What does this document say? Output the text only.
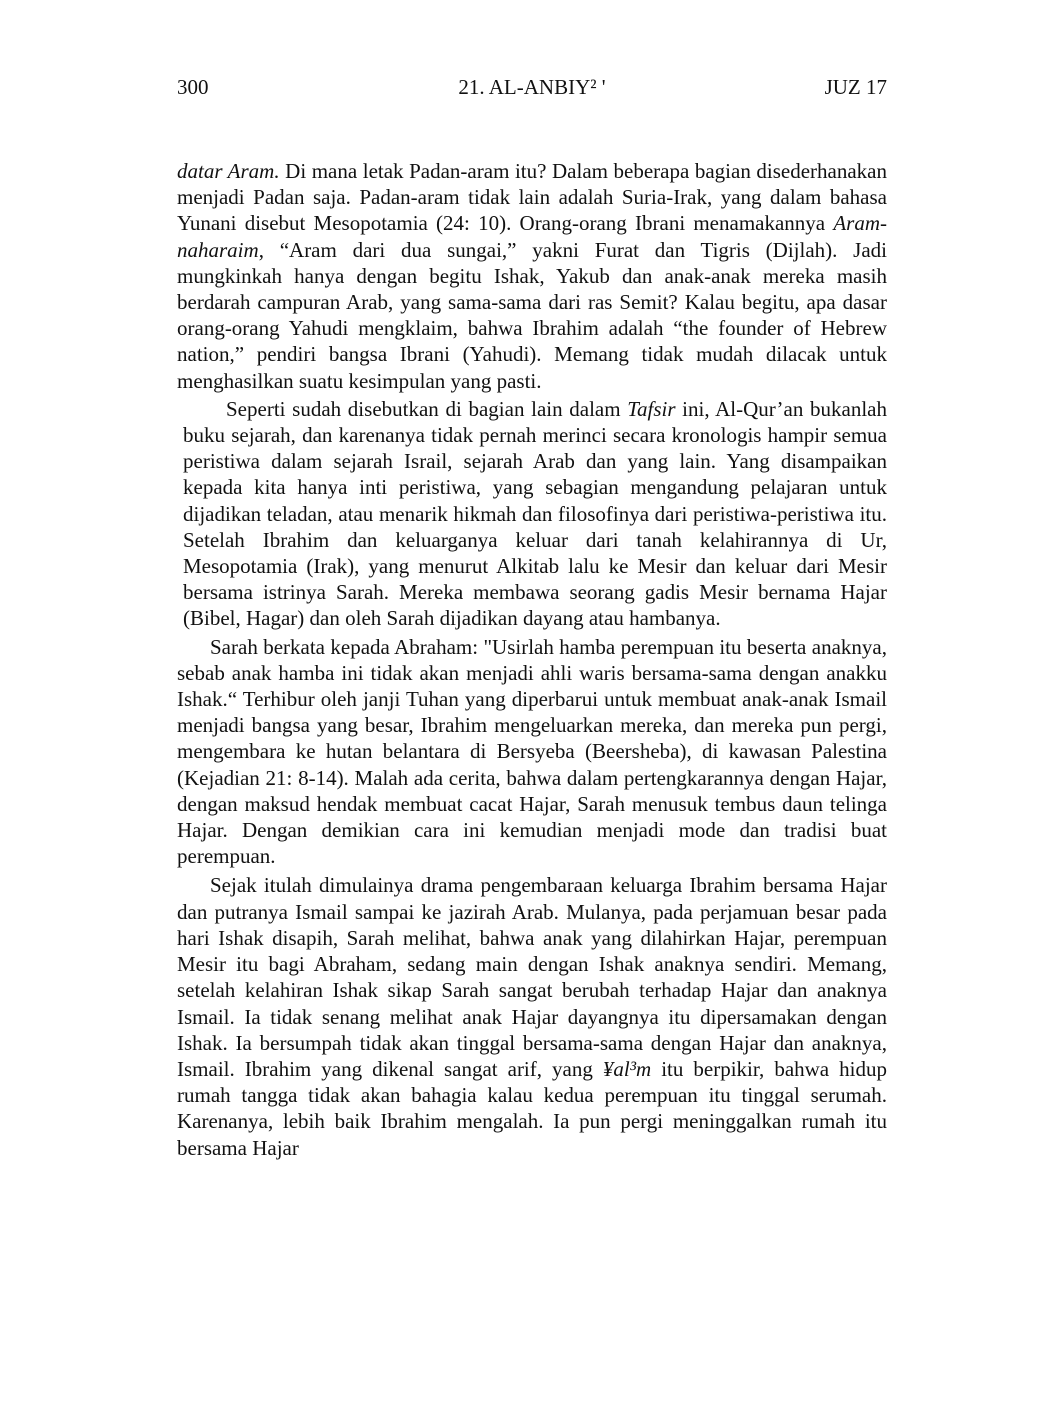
300	21. AL-ANBIY² '	JUZ 17

datar Aram. Di mana letak Padan-aram itu? Dalam beberapa bagian disederhanakan menjadi Padan saja. Padan-aram tidak lain adalah Suria-Irak, yang dalam bahasa Yunani disebut Mesopotamia (24: 10). Orang-orang Ibrani menamakannya Aram-naharaim, “Aram dari dua sungai,” yakni Furat dan Tigris (Dijlah). Jadi mungkinkah hanya dengan begitu Ishak, Yakub dan anak-anak mereka masih berdarah campuran Arab, yang sama-sama dari ras Semit? Kalau begitu, apa dasar orang-orang Yahudi mengklaim, bahwa Ibrahim adalah “the founder of Hebrew nation,” pendiri bangsa Ibrani (Yahudi). Memang tidak mudah dilacak untuk menghasilkan suatu kesimpulan yang pasti.

Seperti sudah disebutkan di bagian lain dalam Tafsir ini, Al-Qur’an bukanlah buku sejarah, dan karenanya tidak pernah merinci secara kronologis hampir semua peristiwa dalam sejarah Israil, sejarah Arab dan yang lain. Yang disampaikan kepada kita hanya inti peristiwa, yang sebagian mengandung pelajaran untuk dijadikan teladan, atau menarik hikmah dan filosofinya dari peristiwa-peristiwa itu. Setelah Ibrahim dan keluarganya keluar dari tanah kelahirannya di Ur, Mesopotamia (Irak), yang menurut Alkitab lalu ke Mesir dan keluar dari Mesir bersama istrinya Sarah. Mereka membawa seorang gadis Mesir bernama Hajar (Bibel, Hagar) dan oleh Sarah dijadikan dayang atau hambanya.

Sarah berkata kepada Abraham: "Usirlah hamba perempuan itu beserta anaknya, sebab anak hamba ini tidak akan menjadi ahli waris bersama-sama dengan anakku Ishak.“ Terhibur oleh janji Tuhan yang diperbarui untuk membuat anak-anak Ismail menjadi bangsa yang besar, Ibrahim mengeluarkan mereka, dan mereka pun pergi, mengembara ke hutan belantara di Bersyeba (Beersheba), di kawasan Palestina (Kejadian 21: 8-14). Malah ada cerita, bahwa dalam pertengkarannya dengan Hajar, dengan maksud hendak membuat cacat Hajar, Sarah menusuk tembus daun telinga Hajar. Dengan demikian cara ini kemudian menjadi mode dan tradisi buat perempuan.

Sejak itulah dimulainya drama pengembaraan keluarga Ibrahim bersama Hajar dan putranya Ismail sampai ke jazirah Arab. Mulanya, pada perjamuan besar pada hari Ishak disapih, Sarah melihat, bahwa anak yang dilahirkan Hajar, perempuan Mesir itu bagi Abraham, sedang main dengan Ishak anaknya sendiri. Memang, setelah kelahiran Ishak sikap Sarah sangat berubah terhadap Hajar dan anaknya Ismail. Ia tidak senang melihat anak Hajar dayangnya itu dipersamakan dengan Ishak. Ia bersumpah tidak akan tinggal bersama-sama dengan Hajar dan anaknya, Ismail. Ibrahim yang dikenal sangat arif, yang ¥al³m itu berpikir, bahwa hidup rumah tangga tidak akan bahagia kalau kedua perempuan itu tinggal serumah. Karenanya, lebih baik Ibrahim mengalah. Ia pun pergi meninggalkan rumah itu bersama Hajar
